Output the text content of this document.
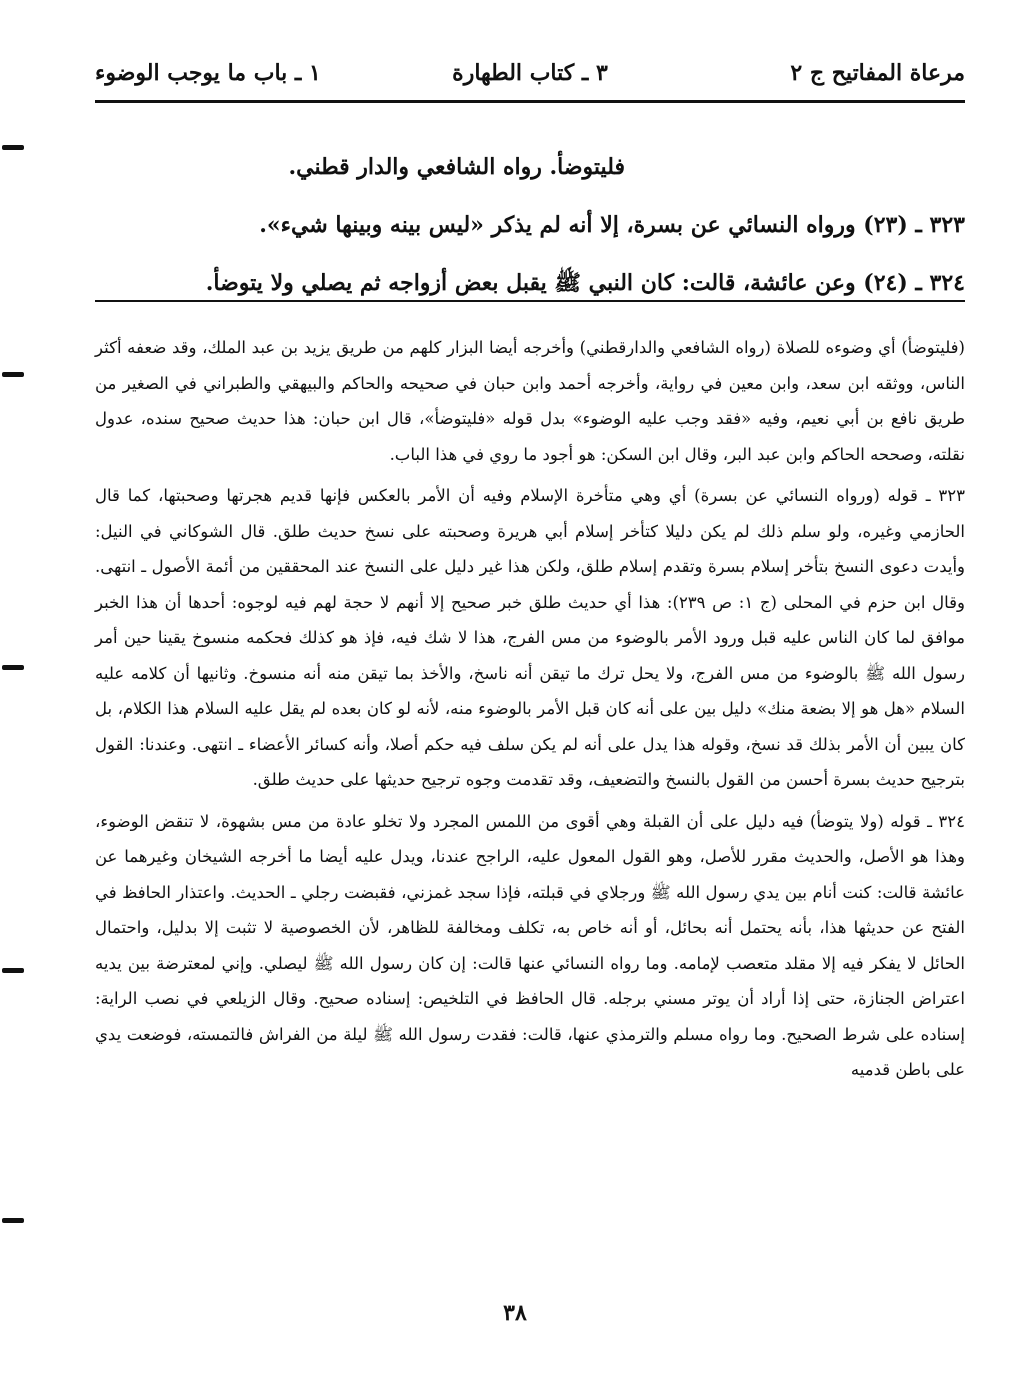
مرعاة المفاتيح ج ٢
٣ ـ كتاب الطهارة
١ ـ باب ما يوجب الوضوء

فليتوضأ. رواه الشافعي والدار قطني.

٣٢٣ ـ (٢٣) ورواه النسائي عن بسرة، إلا أنه لم يذكر «ليس بينه وبينها شيء».

٣٢٤ ـ (٢٤) وعن عائشة، قالت: كان النبي ﷺ يقبل بعض أزواجه ثم يصلي ولا يتوضأ.

(فليتوضأ) أي وضوءه للصلاة (رواه الشافعي والدارقطني) وأخرجه أيضا البزار كلهم من طريق يزيد بن عبد الملك، وقد ضعفه أكثر الناس، ووثقه ابن سعد، وابن معين في رواية، وأخرجه أحمد وابن حبان في صحيحه والحاكم والبيهقي والطبراني في الصغير من طريق نافع بن أبي نعيم، وفيه «فقد وجب عليه الوضوء» بدل قوله «فليتوضأ»، قال ابن حبان: هذا حديث صحيح سنده، عدول نقلته، وصححه الحاكم وابن عبد البر، وقال ابن السكن: هو أجود ما روي في هذا الباب.

٣٢٣ ـ قوله (ورواه النسائي عن بسرة) أي وهي متأخرة الإسلام وفيه أن الأمر بالعكس فإنها قديم هجرتها وصحبتها، كما قال الحازمي وغيره، ولو سلم ذلك لم يكن دليلا كتأخر إسلام أبي هريرة وصحبته على نسخ حديث طلق. قال الشوكاني في النيل: وأيدت دعوى النسخ بتأخر إسلام بسرة وتقدم إسلام طلق، ولكن هذا غير دليل على النسخ عند المحققين من أئمة الأصول ـ انتهى. وقال ابن حزم في المحلى (ج ١: ص ٢٣٩): هذا أي حديث طلق خبر صحيح إلا أنهم لا حجة لهم فيه لوجوه: أحدها أن هذا الخبر موافق لما كان الناس عليه قبل ورود الأمر بالوضوء من مس الفرج، هذا لا شك فيه، فإذ هو كذلك فحكمه منسوخ يقينا حين أمر رسول الله ﷺ بالوضوء من مس الفرج، ولا يحل ترك ما تيقن أنه ناسخ، والأخذ بما تيقن منه أنه منسوخ. وثانيها أن كلامه عليه السلام «هل هو إلا بضعة منك» دليل بين على أنه كان قبل الأمر بالوضوء منه، لأنه لو كان بعده لم يقل عليه السلام هذا الكلام، بل كان يبين أن الأمر بذلك قد نسخ، وقوله هذا يدل على أنه لم يكن سلف فيه حكم أصلا، وأنه كسائر الأعضاء ـ انتهى. وعندنا: القول بترجيح حديث بسرة أحسن من القول بالنسخ والتضعيف، وقد تقدمت وجوه ترجيح حديثها على حديث طلق.

٣٢٤ ـ قوله (ولا يتوضأ) فيه دليل على أن القبلة وهي أقوى من اللمس المجرد ولا تخلو عادة من مس بشهوة، لا تنقض الوضوء، وهذا هو الأصل، والحديث مقرر للأصل، وهو القول المعول عليه، الراجح عندنا، ويدل عليه أيضا ما أخرجه الشيخان وغيرهما عن عائشة قالت: كنت أنام بين يدي رسول الله ﷺ ورجلاي في قبلته، فإذا سجد غمزني، فقبضت رجلي ـ الحديث. واعتذار الحافظ في الفتح عن حديثها هذا، بأنه يحتمل أنه بحائل، أو أنه خاص به، تكلف ومخالفة للظاهر، لأن الخصوصية لا تثبت إلا بدليل، واحتمال الحائل لا يفكر فيه إلا مقلد متعصب لإمامه. وما رواه النسائي عنها قالت: إن كان رسول الله ﷺ ليصلي. وإني لمعترضة بين يديه اعتراض الجنازة، حتى إذا أراد أن يوتر مسني برجله. قال الحافظ في التلخيص: إسناده صحيح. وقال الزيلعي في نصب الراية: إسناده على شرط الصحيح. وما رواه مسلم والترمذي عنها، قالت: فقدت رسول الله ﷺ ليلة من الفراش فالتمسته، فوضعت يدي على باطن قدميه

٣٨
